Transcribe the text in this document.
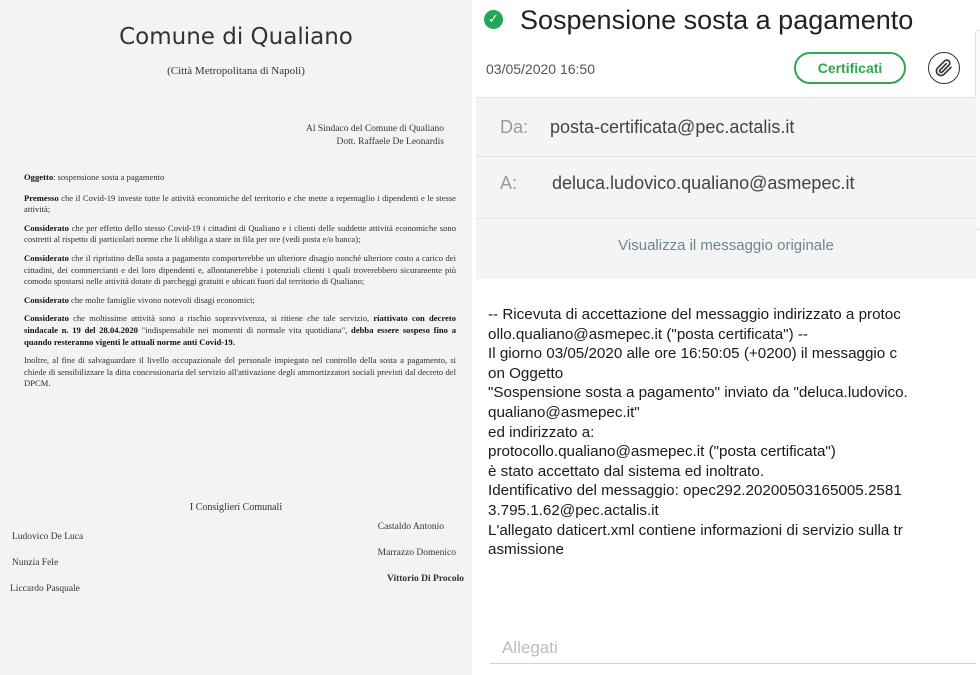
Comune di Qualiano
(Città Metropolitana di Napoli)
Al Sindaco del Comune di Qualiano
Dott. Raffaele De Leonardis

Oggetto: sospensione sosta a pagamento

Premesso che il Covid-19 investe tutte le attività economiche del territorio e che mette a repentaglio i dipendenti e le stesse attività;

Considerato che per effetto dello stesso Covid-19 i cittadini di Qualiano e i clienti delle suddette attività economiche sono costretti al rispetto di particolari norme che li obbliga a stare in fila per ore (vedi posta e/o banca);

Considerato che il ripristino della sosta a pagamento comporterebbe un ulteriore disagio nonché ulteriore costo a carico dei cittadini, dei commercianti e dei loro dipendenti e, allontanerebbe i potenziali clienti i quali troverebbero sicuramente più comodo spostarsi nelle attività dotate di parcheggi gratuiti e ubicati fuori dal territorio di Qualiano;

Considerato che molte famiglie vivono notevoli disagi economici;

Considerato che moltissime attività sono a rischio sopravvivenza, si ritiene che tale servizio, riattivato con decreto sindacale n. 19 del 28.04.2020 "indispensabile nei momenti di normale vita quotidiana", debba essere sospeso fino a quando resteranno vigenti le attuali norme anti Covid-19.

Inoltre, al fine di salvaguardare il livello occupazionale del personale impiegato nel controllo della sosta a pagamento, si chiede di sensibilizzare la ditta concessionaria del servizio all'attivazione degli ammortizzatori sociali previsti dal decreto del DPCM.

I Consiglieri Comunali
Ludovico De Luca
Nunzia Fele
Liccardo Pasquale
Castaldo Antonio
Marrazzo Domenico
Vittorio Di Procolo
✓ Sospensione sosta a pagamento
03/05/2020 16:50	Certificati
Da: posta-certificata@pec.actalis.it
A: deluca.ludovico.qualiano@asmepec.it
Visualizza il messaggio originale
-- Ricevuta di accettazione del messaggio indirizzato a protoc
ollo.qualiano@asmepec.it ("posta certificata") --
Il giorno 03/05/2020 alle ore 16:50:05 (+0200) il messaggio c
on Oggetto
"Sospensione sosta a pagamento" inviato da "deluca.ludovico.
qualiano@asmepec.it"
ed indirizzato a:
protocollo.qualiano@asmepec.it ("posta certificata")
è stato accettato dal sistema ed inoltrato.
Identificativo del messaggio: opec292.20200503165005.2581
3.795.1.62@pec.actalis.it
L'allegato daticert.xml contiene informazioni di servizio sulla tr
asmissione
Allegati
